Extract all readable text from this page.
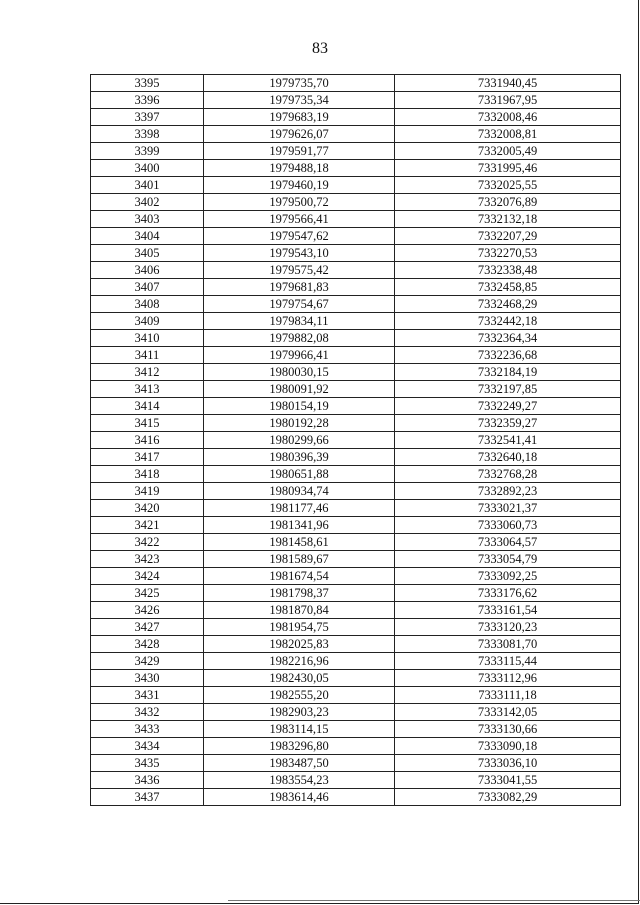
83
3395	1979735,70	7331940,45
3396	1979735,34	7331967,95
3397	1979683,19	7332008,46
3398	1979626,07	7332008,81
3399	1979591,77	7332005,49
3400	1979488,18	7331995,46
3401	1979460,19	7332025,55
3402	1979500,72	7332076,89
3403	1979566,41	7332132,18
3404	1979547,62	7332207,29
3405	1979543,10	7332270,53
3406	1979575,42	7332338,48
3407	1979681,83	7332458,85
3408	1979754,67	7332468,29
3409	1979834,11	7332442,18
3410	1979882,08	7332364,34
3411	1979966,41	7332236,68
3412	1980030,15	7332184,19
3413	1980091,92	7332197,85
3414	1980154,19	7332249,27
3415	1980192,28	7332359,27
3416	1980299,66	7332541,41
3417	1980396,39	7332640,18
3418	1980651,88	7332768,28
3419	1980934,74	7332892,23
3420	1981177,46	7333021,37
3421	1981341,96	7333060,73
3422	1981458,61	7333064,57
3423	1981589,67	7333054,79
3424	1981674,54	7333092,25
3425	1981798,37	7333176,62
3426	1981870,84	7333161,54
3427	1981954,75	7333120,23
3428	1982025,83	7333081,70
3429	1982216,96	7333115,44
3430	1982430,05	7333112,96
3431	1982555,20	7333111,18
3432	1982903,23	7333142,05
3433	1983114,15	7333130,66
3434	1983296,80	7333090,18
3435	1983487,50	7333036,10
3436	1983554,23	7333041,55
3437	1983614,46	7333082,29
